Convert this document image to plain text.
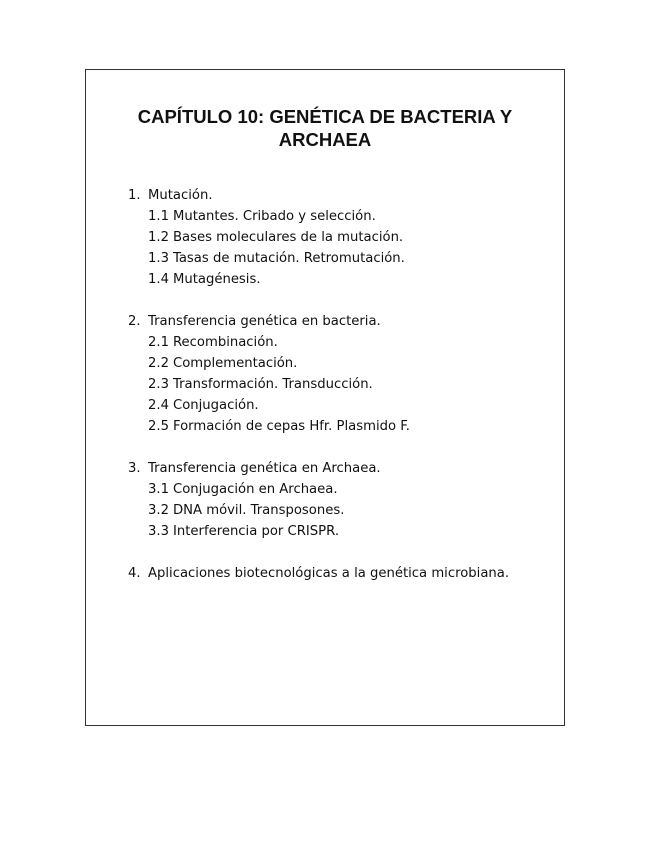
CAPÍTULO 10: GENÉTICA DE BACTERIA Y
ARCHAEA
1. Mutación.
1.1 Mutantes. Cribado y selección.
1.2 Bases moleculares de la mutación.
1.3 Tasas de mutación. Retromutación.
1.4 Mutagénesis.
2. Transferencia genética en bacteria.
2.1 Recombinación.
2.2 Complementación.
2.3 Transformación. Transducción.
2.4 Conjugación.
2.5 Formación de cepas Hfr. Plasmido F.
3. Transferencia genética en Archaea.
3.1 Conjugación en Archaea.
3.2 DNA móvil. Transposones.
3.3 Interferencia por CRISPR.
4. Aplicaciones biotecnológicas a la genética microbiana.
